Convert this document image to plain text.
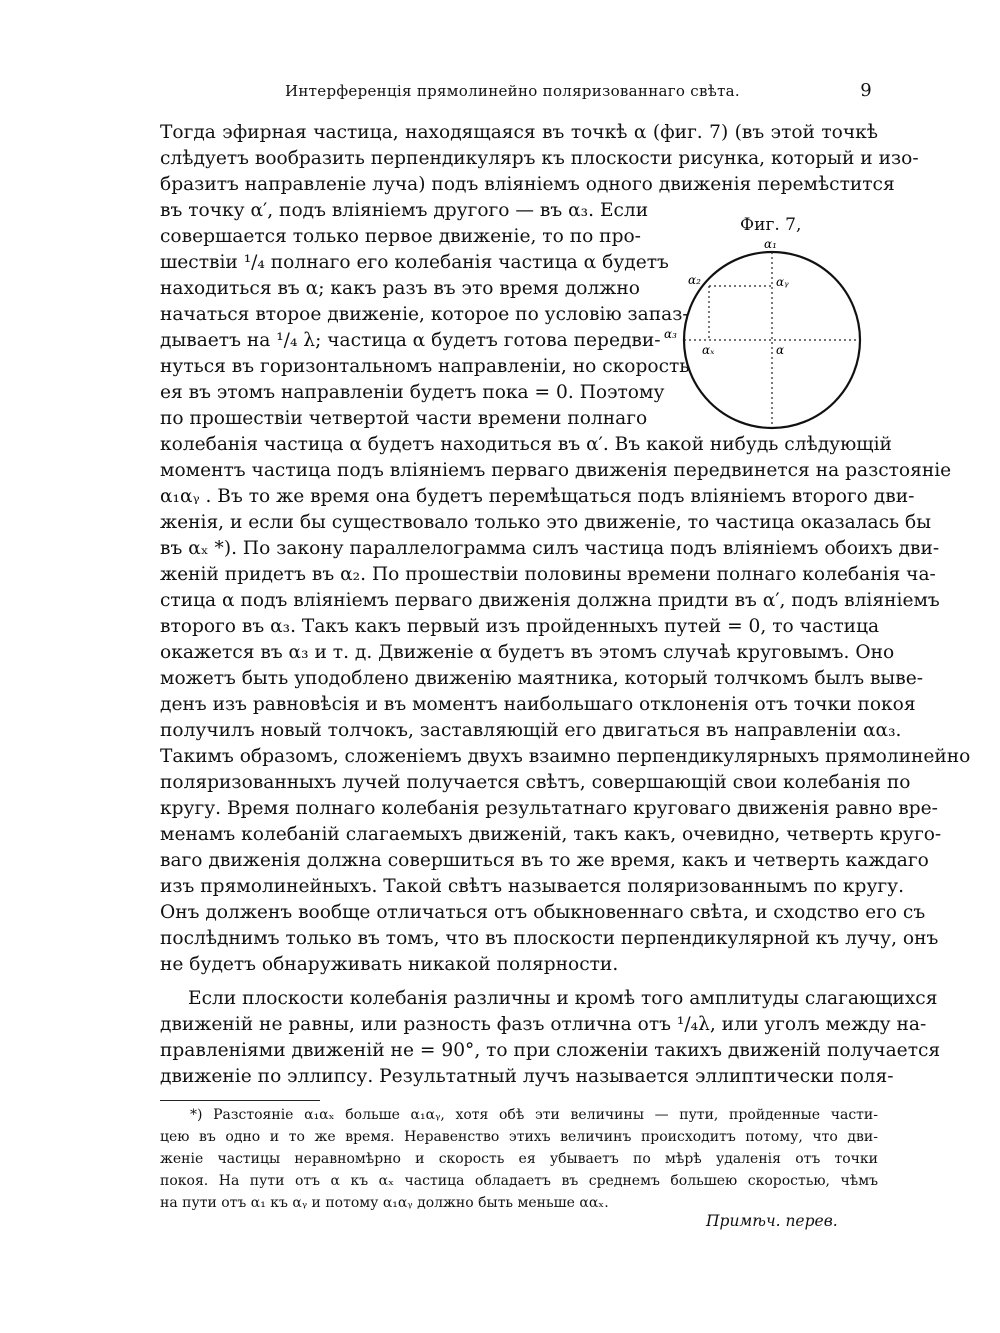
Интерференція прямолинейно поляризованнаго свѣта.	9
Тогда эфирная частица, находящаяся въ точкѣ α (фиг. 7) (въ этой точкѣ
слѣдуетъ вообразить перпендикуляръ къ плоскости рисунка, который и изо-
бразитъ направленіе луча) подъ вліяніемъ одного движенія перемѣстится
въ точку α′, подъ вліяніемъ другого — въ α₃. Если
совершается только первое движеніе, то по про-
шествіи ¹/₄ полнаго его колебанія частица α будетъ
находиться въ α; какъ разъ въ это время должно
начаться второе движеніе, которое по условію запаз-
дываетъ на ¹/₄ λ; частица α будетъ готова передви-
нуться въ горизонтальномъ направленіи, но скорость
ея въ этомъ направленіи будетъ пока = 0. Поэтому
по прошествіи четвертой части времени полнаго
колебанія частица α будетъ находиться въ α′. Въ какой нибудь слѣдующій
моментъ частица подъ вліяніемъ перваго движенія передвинется на разстояніе
α₁αᵧ . Въ то же время она будетъ перемѣщаться подъ вліяніемъ второго дви-
женія, и если бы существовало только это движеніе, то частица оказалась бы
въ αₓ *). По закону параллелограмма силъ частица подъ вліяніемъ обоихъ дви-
женій придетъ въ α₂. По прошествіи половины времени полнаго колебанія ча-
стица α подъ вліяніемъ перваго движенія должна придти въ α′, подъ вліяніемъ
второго въ α₃. Такъ какъ первый изъ пройденныхъ путей = 0, то частица
окажется въ α₃ и т. д. Движеніе α будетъ въ этомъ случаѣ круговымъ. Оно
можетъ быть уподоблено движенію маятника, который толчкомъ былъ выве-
денъ изъ равновѣсія и въ моментъ наибольшаго отклоненія отъ точки покоя
получилъ новый толчокъ, заставляющій его двигаться въ направленіи αα₃.
Такимъ образомъ, сложеніемъ двухъ взаимно перпендикулярныхъ прямолинейно
поляризованныхъ лучей получается свѣтъ, совершающій свои колебанія по
кругу. Время полнаго колебанія результатнаго круговаго движенія равно вре-
менамъ колебаній слагаемыхъ движеній, такъ какъ, очевидно, четверть круго-
ваго движенія должна совершиться въ то же время, какъ и четверть каждаго
изъ прямолинейныхъ. Такой свѣтъ называется поляризованнымъ по кругу.
Онъ долженъ вообще отличаться отъ обыкновеннаго свѣта, и сходство его съ
послѣднимъ только въ томъ, что въ плоскости перпендикулярной къ лучу, онъ
не будетъ обнаруживать никакой полярности.
Если плоскости колебанія различны и кромѣ того амплитуды слагающихся
движеній не равны, или разность фазъ отлична отъ ¹/₄λ, или уголъ между на-
правленіями движеній не = 90°, то при сложеніи такихъ движеній получается
движеніе по эллипсу. Результатный лучъ называется эллиптически поля-
Фиг. 7,
α₁
α₂	αᵧ
α₃
αₓ	α
*) Разстояніе α₁αₓ больше α₁αᵧ, хотя обѣ эти величины — пути, пройденные части-
цею въ одно и то же время. Неравенство этихъ величинъ происходитъ потому, что дви-
женіе частицы неравномѣрно и скорость ея убываетъ по мѣрѣ удаленія отъ точки
покоя. На пути отъ α къ αₓ частица обладаетъ въ среднемъ большею скоростью, чѣмъ
на пути отъ α₁ къ αᵧ и потому α₁αᵧ должно быть меньше ααₓ.
Примѣч. перев.
